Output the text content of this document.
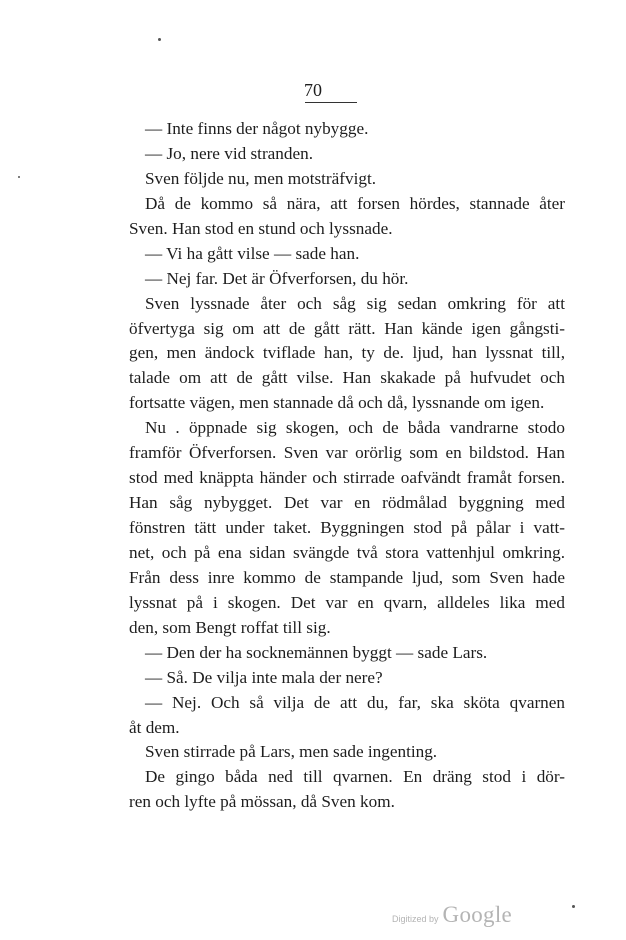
70
— Inte finns der något nybygge.
— Jo, nere vid stranden.
Sven följde nu, men motsträfvigt.
Då de kommo så nära, att forsen hördes, stannade åter
Sven. Han stod en stund och lyssnade.
— Vi ha gått vilse — sade han.
— Nej far. Det är Öfverforsen, du hör.
Sven lyssnade åter och såg sig sedan omkring för att
öfvertyga sig om att de gått rätt. Han kände igen gångsti-
gen, men ändock tviflade han, ty de. ljud, han lyssnat till,
talade om att de gått vilse. Han skakade på hufvudet och
fortsatte vägen, men stannade då och då, lyssnande om igen.
Nu . öppnade sig skogen, och de båda vandrarne stodo
framför Öfverforsen. Sven var orörlig som en bildstod. Han
stod med knäppta händer och stirrade oafvändt framåt forsen.
Han såg nybygget. Det var en rödmålad byggning med
fönstren tätt under taket. Byggningen stod på pålar i vatt-
net, och på ena sidan svängde två stora vattenhjul omkring.
Från dess inre kommo de stampande ljud, som Sven hade
lyssnat på i skogen. Det var en qvarn, alldeles lika med
den, som Bengt roffat till sig.
— Den der ha socknemännen byggt — sade Lars.
— Så. De vilja inte mala der nere?
— Nej. Och så vilja de att du, far, ska sköta qvarnen
åt dem.
Sven stirrade på Lars, men sade ingenting.
De gingo båda ned till qvarnen. En dräng stod i dör-
ren och lyfte på mössan, då Sven kom.
Digitized by Google
